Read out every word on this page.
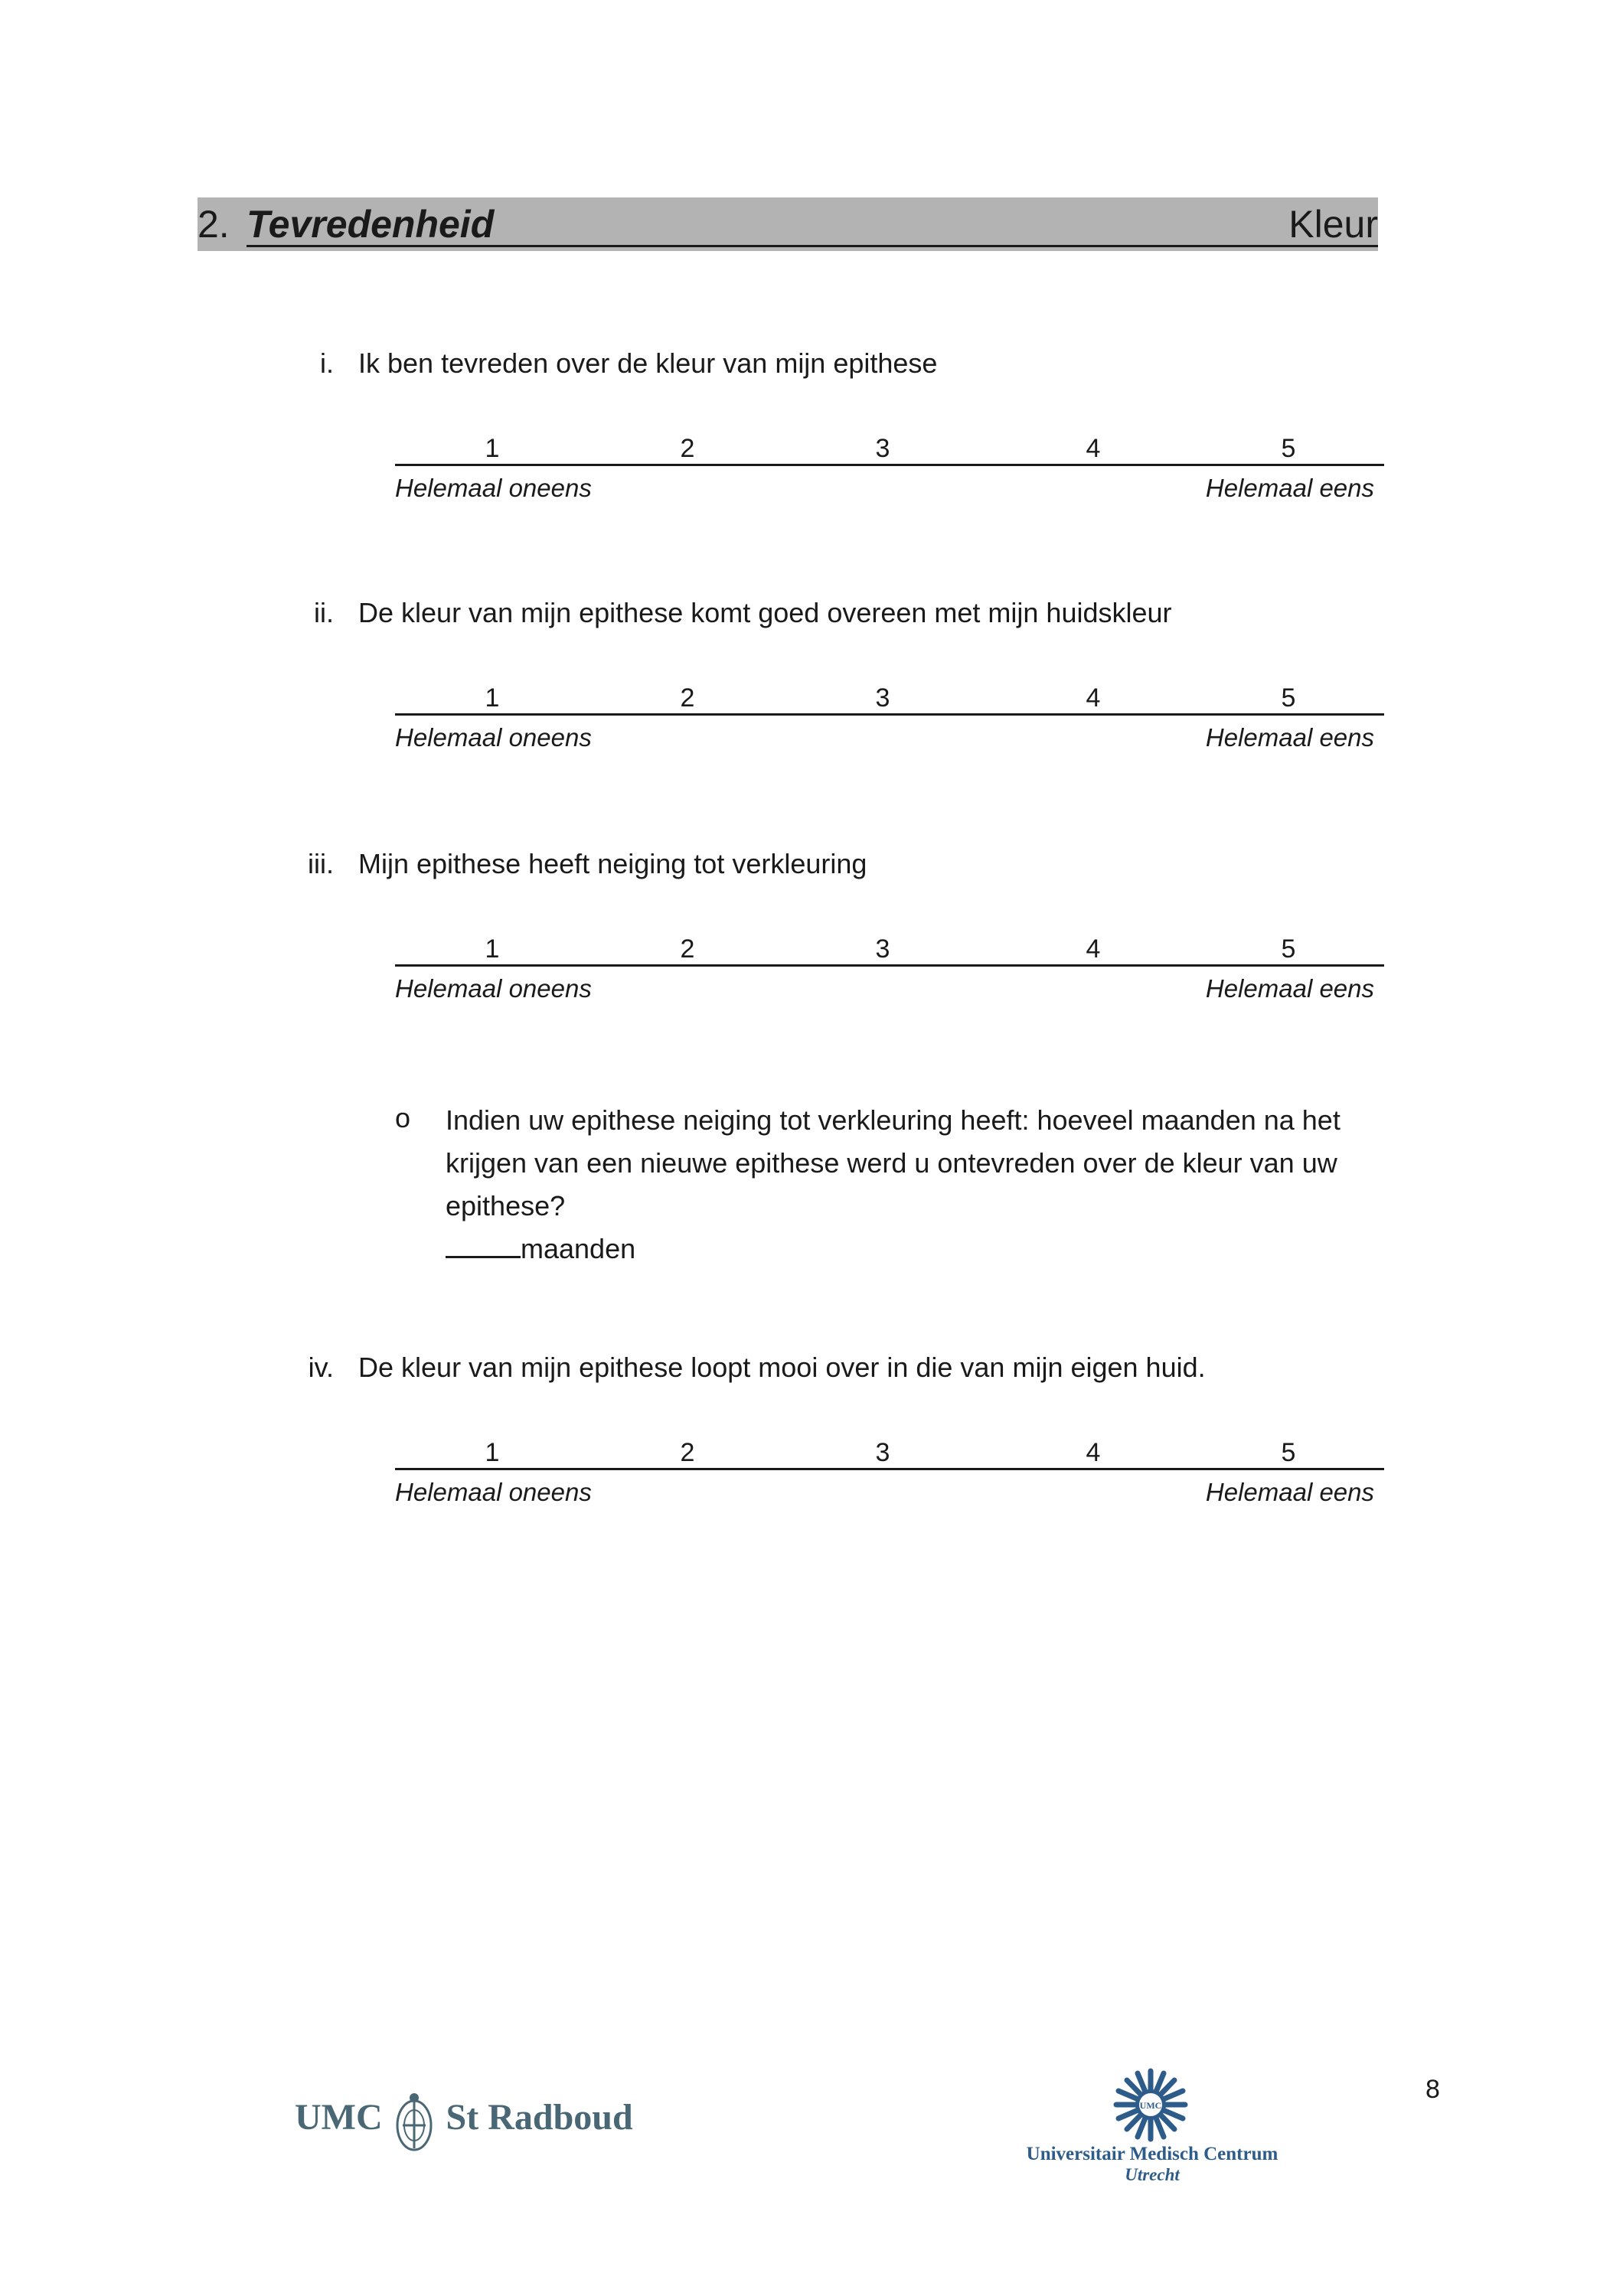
2. Tevredenheid	Kleur
i. Ik ben tevreden over de kleur van mijn epithese
1	2	3	4	5
Helemaal oneens	Helemaal eens
ii. De kleur van mijn epithese komt goed overeen met mijn huidskleur
1	2	3	4	5
Helemaal oneens	Helemaal eens
iii. Mijn epithese heeft neiging tot verkleuring
1	2	3	4	5
Helemaal oneens	Helemaal eens
o Indien uw epithese neiging tot verkleuring heeft: hoeveel maanden na het krijgen van een nieuwe epithese werd u ontevreden over de kleur van uw epithese?
maanden
iv. De kleur van mijn epithese loopt mooi over in die van mijn eigen huid.
1	2	3	4	5
Helemaal oneens	Helemaal eens
8
UMC St Radboud	UMC
Universitair Medisch Centrum
Utrecht
